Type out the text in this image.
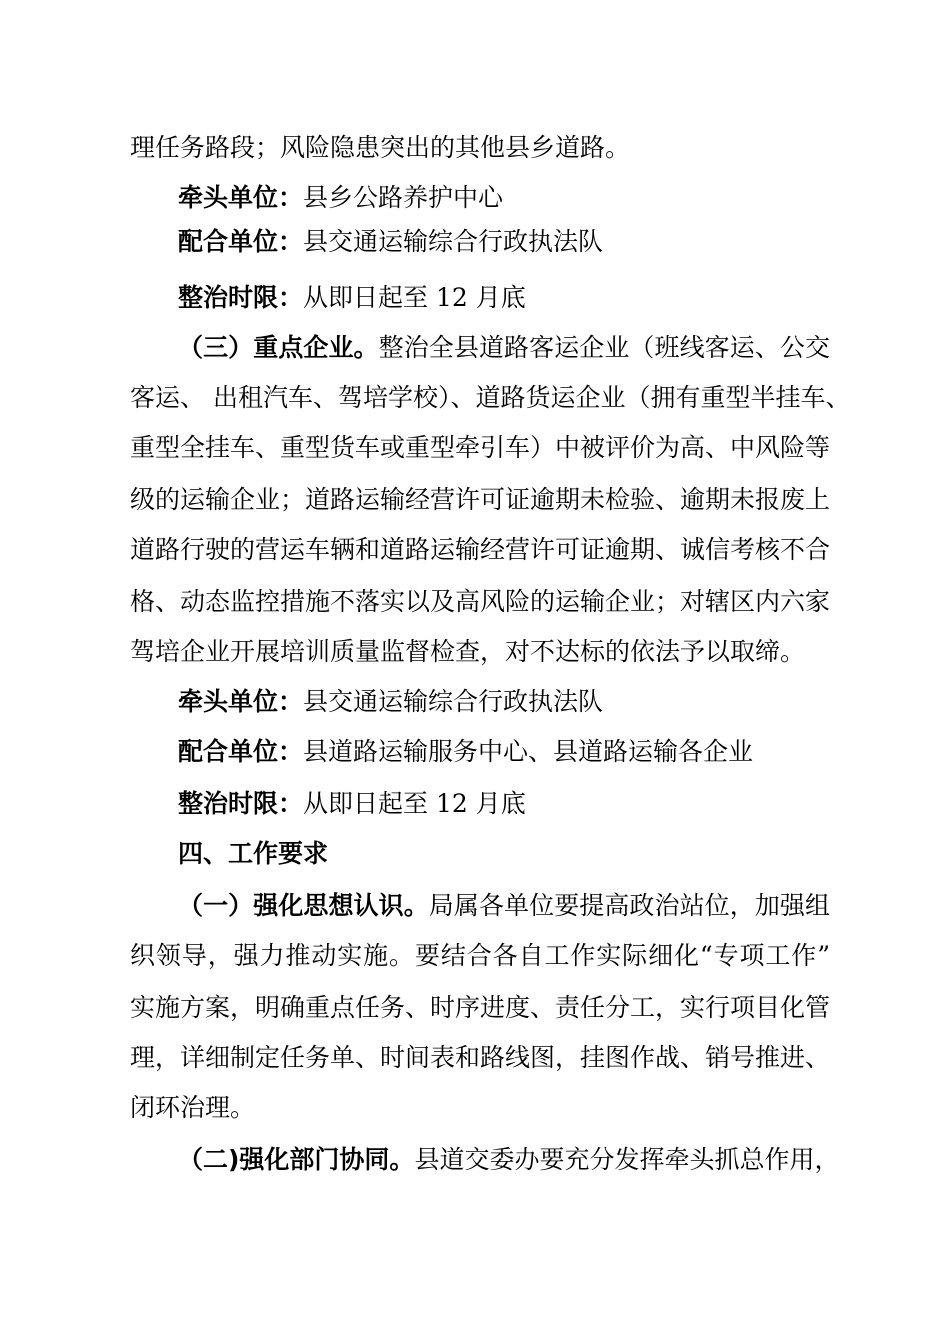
理任务路段；风险隐患突出的其他县乡道路。
牵头单位：县乡公路养护中心
配合单位：县交通运输综合行政执法队
整治时限：从即日起至 12 月底
（三）重点企业。整治全县道路客运企业（班线客运、公交
客运、 出租汽车、驾培学校）、道路货运企业（拥有重型半挂车、
重型全挂车、重型货车或重型牵引车）中被评价为高、中风险等
级的运输企业；道路运输经营许可证逾期未检验、逾期未报废上
道路行驶的营运车辆和道路运输经营许可证逾期、诚信考核不合
格、动态监控措施不落实以及高风险的运输企业；对辖区内六家
驾培企业开展培训质量监督检查，对不达标的依法予以取缔。
牵头单位：县交通运输综合行政执法队
配合单位：县道路运输服务中心、县道路运输各企业
整治时限：从即日起至 12 月底
四、工作要求
（一）强化思想认识。局属各单位要提高政治站位，加强组
织领导，强力推动实施。要结合各自工作实际细化“专项工作”
实施方案，明确重点任务、时序进度、责任分工，实行项目化管
理，详细制定任务单、时间表和路线图，挂图作战、销号推进、
闭环治理。
（二)强化部门协同。县道交委办要充分发挥牵头抓总作用，
